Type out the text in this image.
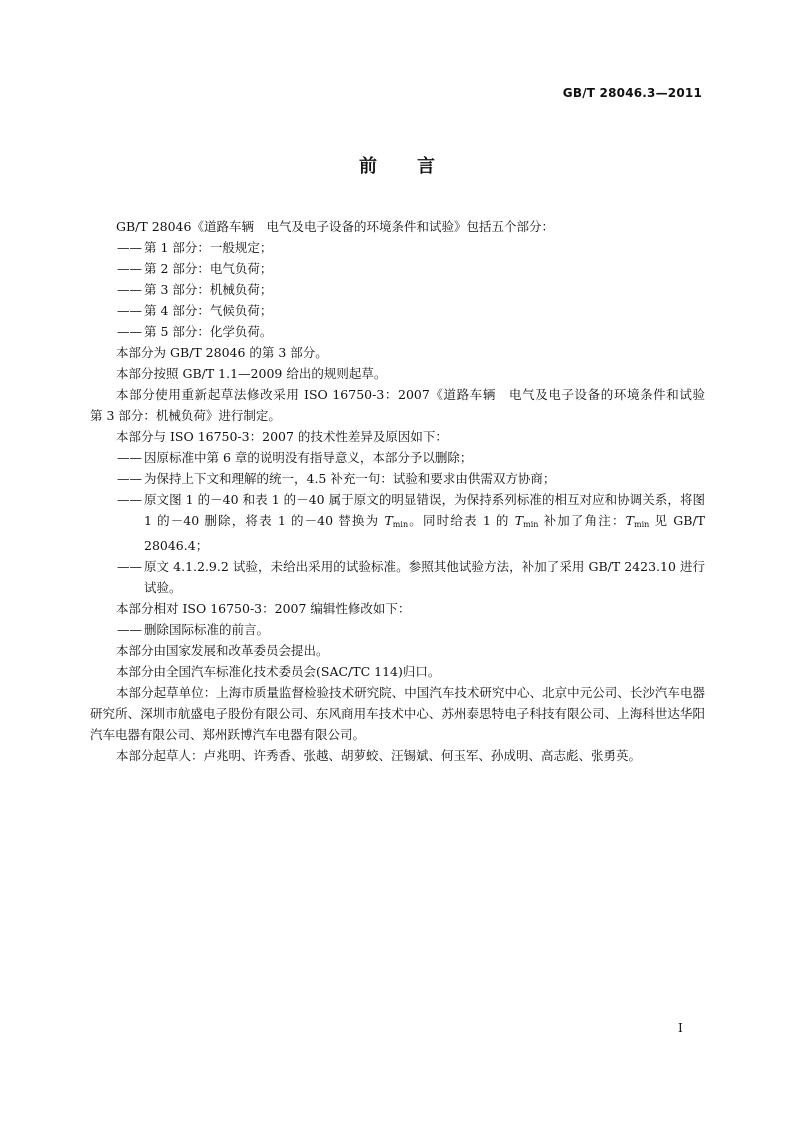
GB/T 28046.3—2011
前 言

GB/T 28046《道路车辆　电气及电子设备的环境条件和试验》包括五个部分：

—— 第 1 部分：一般规定；

—— 第 2 部分：电气负荷；

—— 第 3 部分：机械负荷；

—— 第 4 部分：气候负荷；

—— 第 5 部分：化学负荷。

本部分为 GB/T 28046 的第 3 部分。

本部分按照 GB/T 1.1—2009 给出的规则起草。

本部分使用重新起草法修改采用 ISO 16750-3：2007《道路车辆　电气及电子设备的环境条件和试验　第 3 部分：机械负荷》进行制定。

本部分与 ISO 16750-3：2007 的技术性差异及原因如下：

—— 因原标准中第 6 章的说明没有指导意义，本部分予以删除；

—— 为保持上下文和理解的统一，4.5 补充一句：试验和要求由供需双方协商；

—— 原文图 1 的－40 和表 1 的－40 属于原文的明显错误，为保持系列标准的相互对应和协调关系，将图 1 的－40 删除，将表 1 的－40 替换为 $T_{min}$。同时给表 1 的 $T_{min}$ 补加了角注：$T_{min}$ 见 GB/T 28046.4；

—— 原文 4.1.2.9.2 试验，未给出采用的试验标准。参照其他试验方法，补加了采用 GB/T 2423.10 进行试验。

本部分相对 ISO 16750-3：2007 编辑性修改如下：

—— 删除国际标准的前言。

本部分由国家发展和改革委员会提出。

本部分由全国汽车标准化技术委员会(SAC/TC 114)归口。

本部分起草单位：上海市质量监督检验技术研究院、中国汽车技术研究中心、北京中元公司、长沙汽车电器研究所、深圳市航盛电子股份有限公司、东风商用车技术中心、苏州泰思特电子科技有限公司、上海科世达华阳汽车电器有限公司、郑州跃博汽车电器有限公司。

本部分起草人：卢兆明、许秀香、张越、胡萝蛟、汪锡斌、何玉军、孙成明、高志彪、张勇英。

I
